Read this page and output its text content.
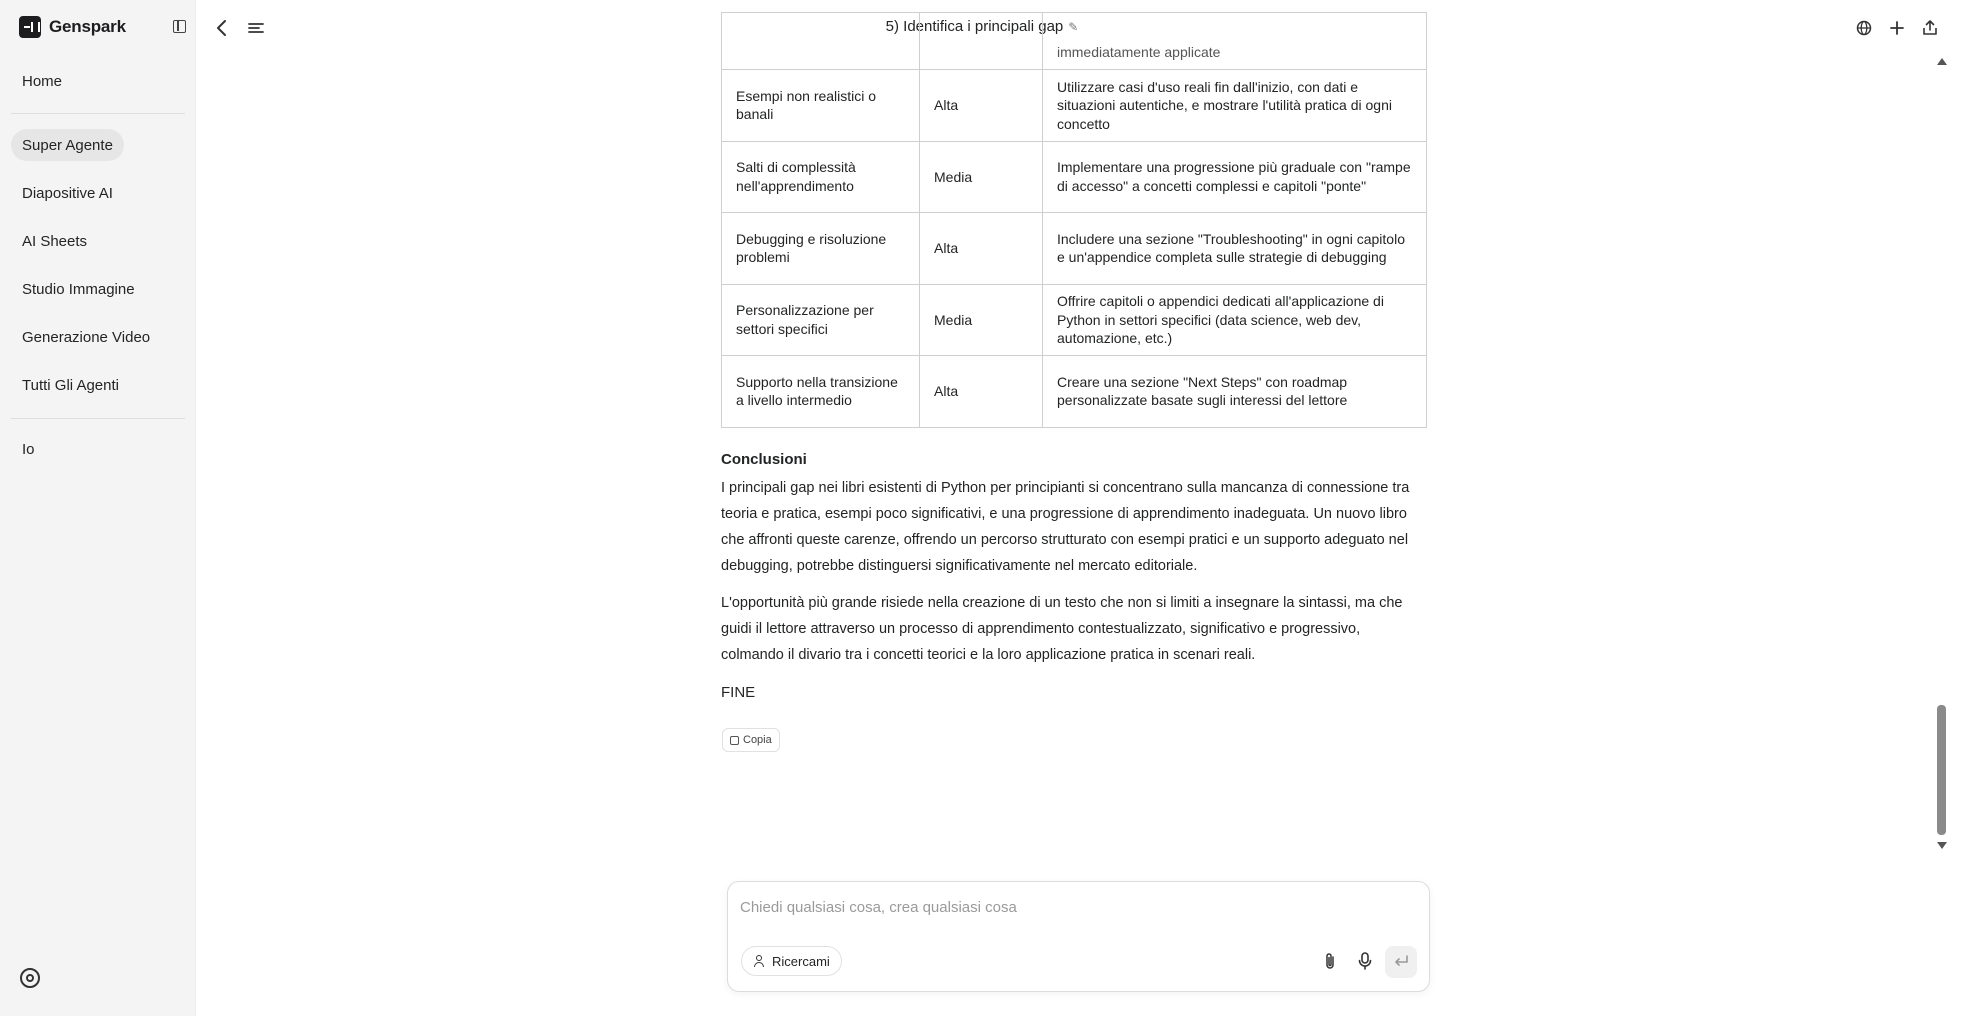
Genspark
Home
Super Agente
Diapositive AI
AI Sheets
Studio Immagine
Generazione Video
Tutti Gli Agenti
Io
5) Identifica i principali gap ✎
		immediatamente applicate
Esempi non realistici o banali	Alta	Utilizzare casi d'uso reali fin dall'inizio, con dati e situazioni autentiche, e mostrare l'utilità pratica di ogni concetto
Salti di complessità nell'apprendimento	Media	Implementare una progressione più graduale con "rampe di accesso" a concetti complessi e capitoli "ponte"
Debugging e risoluzione problemi	Alta	Includere una sezione "Troubleshooting" in ogni capitolo e un'appendice completa sulle strategie di debugging
Personalizzazione per settori specifici	Media	Offrire capitoli o appendici dedicati all'applicazione di Python in settori specifici (data science, web dev, automazione, etc.)
Supporto nella transizione a livello intermedio	Alta	Creare una sezione "Next Steps" con roadmap personalizzate basate sugli interessi del lettore
Conclusioni

I principali gap nei libri esistenti di Python per principianti si concentrano sulla mancanza di connessione tra teoria e pratica, esempi poco significativi, e una progressione di apprendimento inadeguata. Un nuovo libro che affronti queste carenze, offrendo un percorso strutturato con esempi pratici e un supporto adeguato nel debugging, potrebbe distinguersi significativamente nel mercato editoriale.

L'opportunità più grande risiede nella creazione di un testo che non si limiti a insegnare la sintassi, ma che guidi il lettore attraverso un processo di apprendimento contestualizzato, significativo e progressivo, colmando il divario tra i concetti teorici e la loro applicazione pratica in scenari reali.

FINE
Copia
Chiedi qualsiasi cosa, crea qualsiasi cosa
Ricercami
